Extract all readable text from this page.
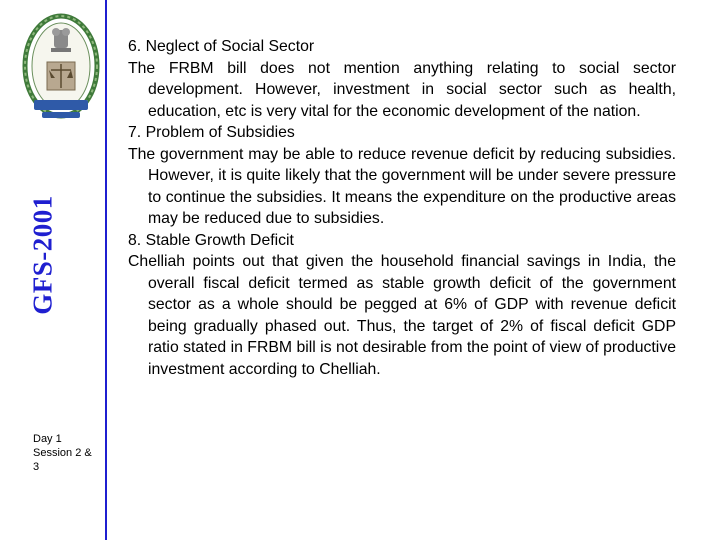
GFS-2001
Day 1
Session 2 &
3

6. Neglect of Social Sector

The FRBM bill does not mention anything relating to social sector development. However, investment in social sector such as health, education, etc is very vital for the economic development of the nation.

7. Problem of Subsidies

The government may be able to reduce revenue deficit by reducing subsidies. However, it is quite likely that the government will be under severe pressure to continue the subsidies. It means the expenditure on the productive areas may be reduced due to subsidies.

8. Stable Growth Deficit

Chelliah points out that given the household financial savings in India, the overall fiscal deficit termed as stable growth deficit of the government sector as a whole should be pegged at 6% of GDP with revenue deficit being gradually phased out. Thus, the target of 2% of fiscal deficit GDP ratio stated in FRBM bill is not desirable from the point of view of productive investment according to Chelliah.
